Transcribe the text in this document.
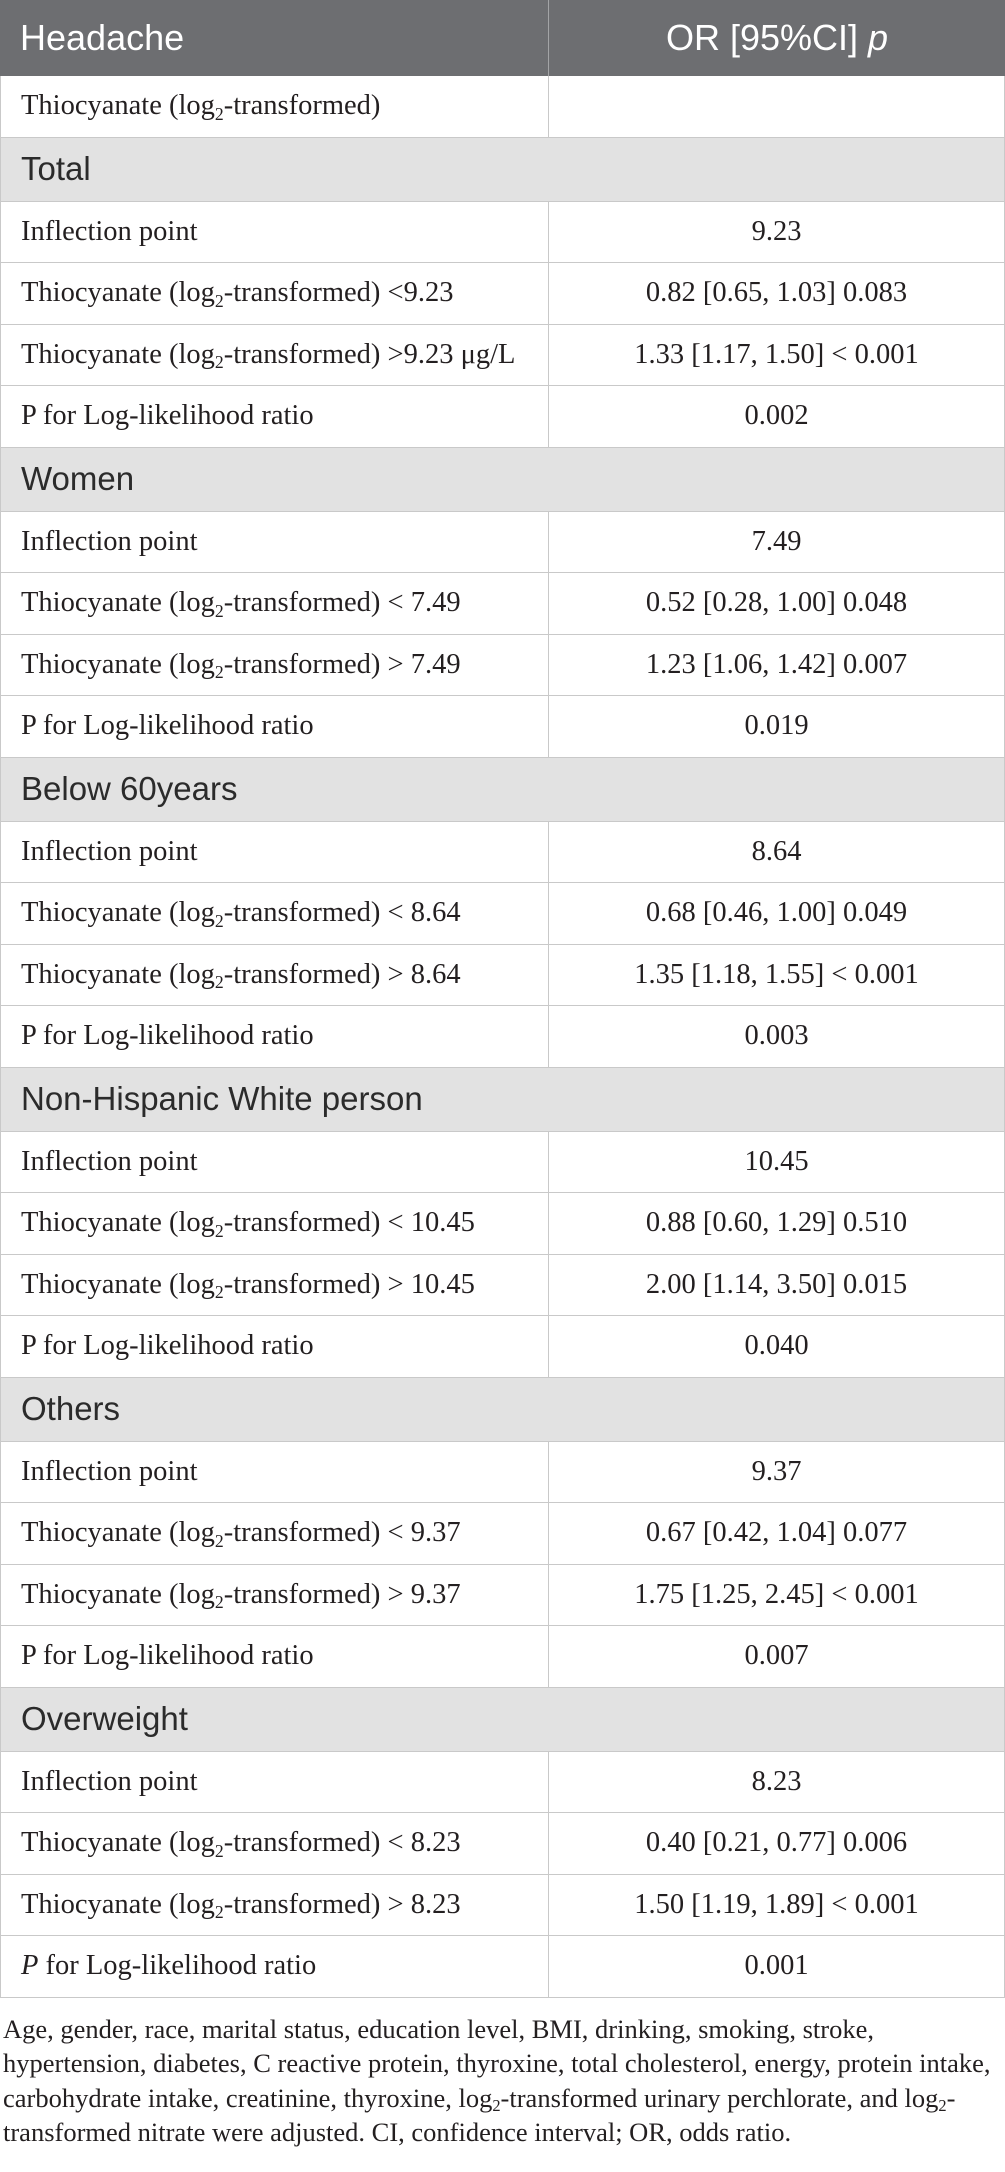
Headache	OR [95%CI] p
Thiocyanate $(\log_2-transformed)$
Total
Inflection point	9.23
Thiocyanate $(\log_2-transformed) <9.23$	0.82 [0.65, 1.03] 0.083
Thiocyanate $(\log_2-transformed) >9.23$ μg/L	1.33 [1.17, 1.50] < 0.001
P for Log-likelihood ratio	0.002
Women
Inflection point	7.49
Thiocyanate $(\log_2-transformed) < 7.49$	0.52 [0.28, 1.00] 0.048
Thiocyanate $(\log_2-transformed) > 7.49$	1.23 [1.06, 1.42] 0.007
P for Log-likelihood ratio	0.019
Below 60years
Inflection point	8.64
Thiocyanate $(\log_2-transformed) < 8.64$	0.68 [0.46, 1.00] 0.049
Thiocyanate $(\log_2-transformed) > 8.64$	1.35 [1.18, 1.55] < 0.001
P for Log-likelihood ratio	0.003
Non-Hispanic White person
Inflection point	10.45
Thiocyanate $(\log_2-transformed) < 10.45$	0.88 [0.60, 1.29] 0.510
Thiocyanate $(\log_2-transformed) > 10.45$	2.00 [1.14, 3.50] 0.015
P for Log-likelihood ratio	0.040
Others
Inflection point	9.37
Thiocyanate $(\log_2-transformed) < 9.37$	0.67 [0.42, 1.04] 0.077
Thiocyanate $(\log_2-transformed) > 9.37$	1.75 [1.25, 2.45] < 0.001
P for Log-likelihood ratio	0.007
Overweight
Inflection point	8.23
Thiocyanate $(\log_2-transformed) < 8.23$	0.40 [0.21, 0.77] 0.006
Thiocyanate $(\log_2-transformed) > 8.23$	1.50 [1.19, 1.89] < 0.001
P for Log-likelihood ratio	0.001
Age, gender, race, marital status, education level, BMI, drinking, smoking, stroke,
hypertension, diabetes, C reactive protein, thyroxine, total cholesterol, energy, protein intake,
carbohydrate intake, creatinine, thyroxine, $\log_2$-transformed urinary perchlorate, and $\log_2-$
transformed nitrate were adjusted. CI, confidence interval; OR, odds ratio.
